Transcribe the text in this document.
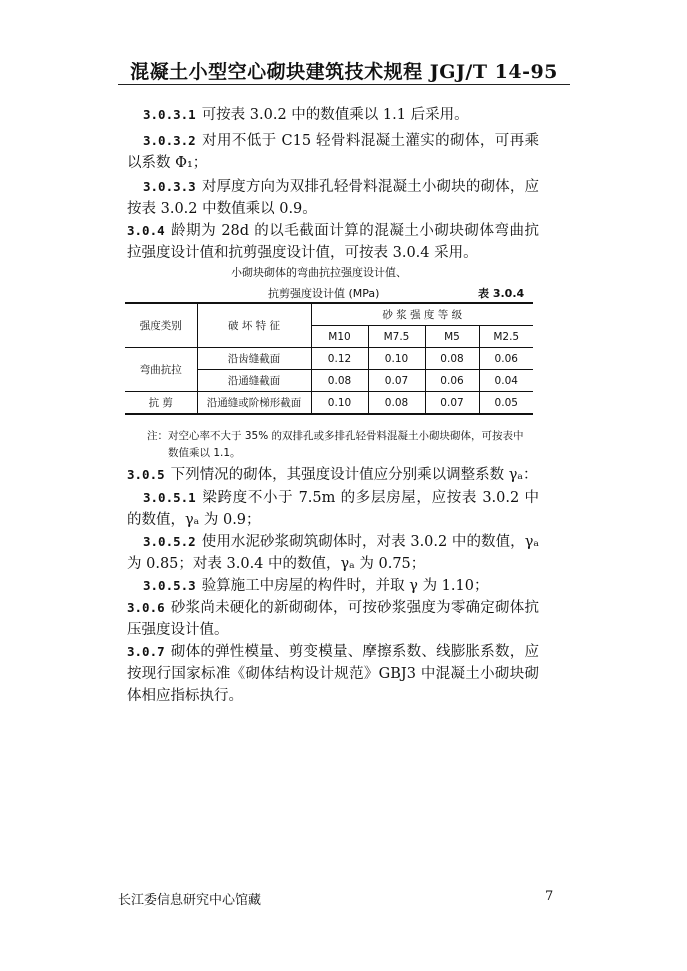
混凝土小型空心砌块建筑技术规程 JGJ/T 14-95
3.0.3.1 可按表 3.0.2 中的数值乘以 1.1 后采用。
3.0.3.2 对用不低于 C15 轻骨料混凝土灌实的砌体，可再乘以系数 Φ₁；
3.0.3.3 对厚度方向为双排孔轻骨料混凝土小砌块的砌体，应按表 3.0.2 中数值乘以 0.9。
3.0.4 龄期为 28d 的以毛截面计算的混凝土小砌块砌体弯曲抗拉强度设计值和抗剪强度设计值，可按表 3.0.4 采用。
小砌块砌体的弯曲抗拉强度设计值、
抗剪强度设计值 (MPa)	表 3.0.4
强度类别	破 坏 特 征	砂 浆 强 度 等 级			
		M10	M7.5	M5	M2.5
弯曲抗拉	沿齿缝截面	0.12	0.10	0.08	0.06
	沿通缝截面	0.08	0.07	0.06	0.04
抗 剪	沿通缝或阶梯形截面	0.10	0.08	0.07	0.05
注：对空心率不大于 35% 的双排孔或多排孔轻骨料混凝土小砌块砌体，可按表中
数值乘以 1.1。
3.0.5 下列情况的砌体，其强度设计值应分别乘以调整系数 γₐ：
3.0.5.1 梁跨度不小于 7.5m 的多层房屋，应按表 3.0.2 中的数值，γₐ 为 0.9；
3.0.5.2 使用水泥砂浆砌筑砌体时，对表 3.0.2 中的数值，γₐ 为 0.85；对表 3.0.4 中的数值，γₐ 为 0.75；
3.0.5.3 验算施工中房屋的构件时，并取 γ 为 1.10；
3.0.6 砂浆尚未硬化的新砌砌体，可按砂浆强度为零确定砌体抗压强度设计值。
3.0.7 砌体的弹性模量、剪变模量、摩擦系数、线膨胀系数，应按现行国家标准《砌体结构设计规范》GBJ3 中混凝土小砌块砌体相应指标执行。
长江委信息研究中心馆藏	7
